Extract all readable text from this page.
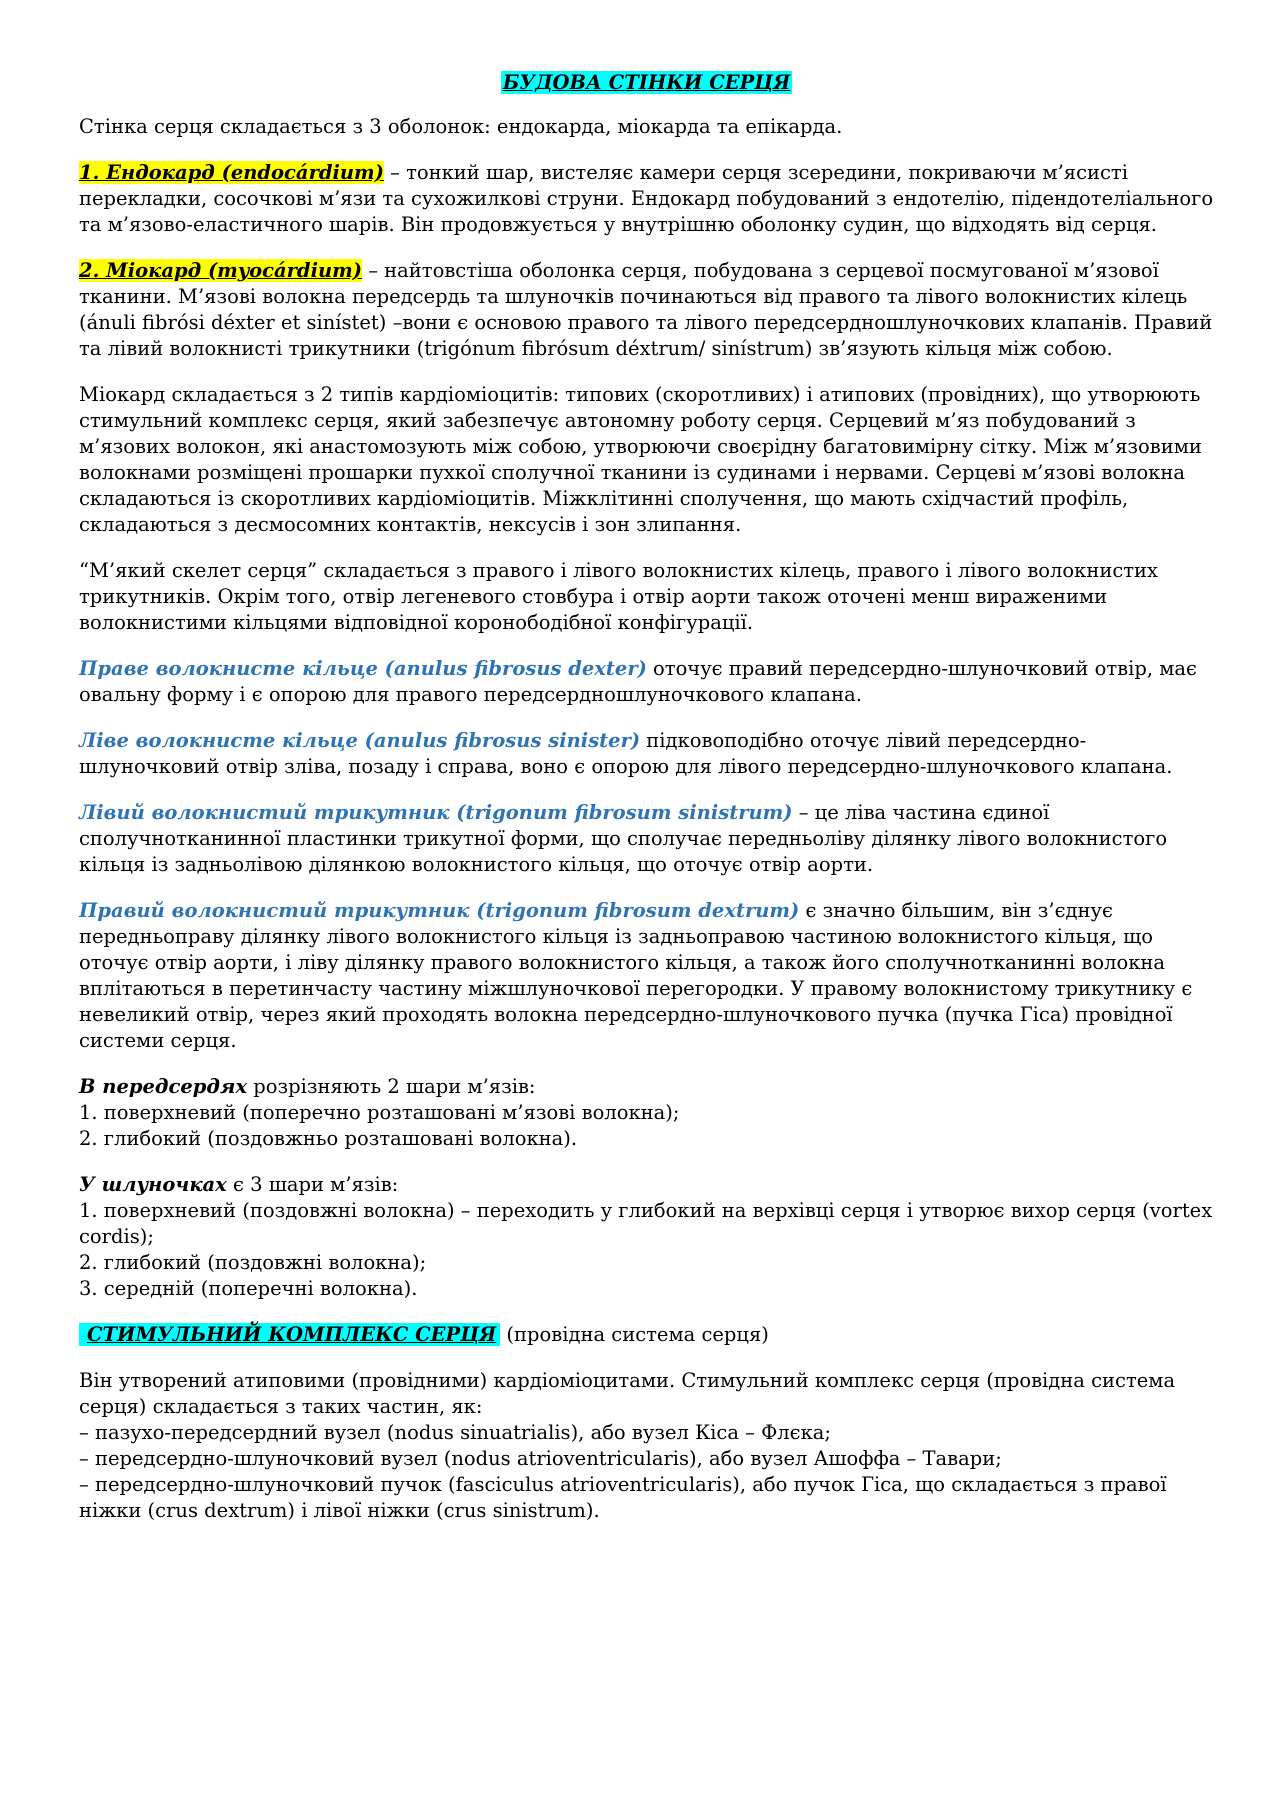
БУДОВА СТІНКИ СЕРЦЯ

Стінка серця складається з 3 оболонок: ендокарда, міокарда та епікарда.

1. Ендокард (endocárdium) – тонкий шар, вистеляє камери серця зсередини, покриваючи м’ясисті перекладки, сосочкові м’язи та сухожилкові струни. Ендокард побудований з ендотелію, підендотеліального та м’язово-еластичного шарів. Він продовжується у внутрішню оболонку судин, що відходять від серця.

2. Міокард (myocárdium) – найтовстіша оболонка серця, побудована з серцевої посмугованої м’язової тканини. М’язові волокна передсердь та шлуночків починаються від правого та лівого волокнистих кілець (ánuli fibrósi déxter et sinístet) –вони є основою правого та лівого передсердношлуночкових клапанів. Правий та лівий волокнисті трикутники (trigónum fibrósum déxtrum/ sinístrum) зв’язують кільця між собою.

Міокард складається з 2 типів кардіоміоцитів: типових (скоротливих) і атипових (провідних), що утворюють стимульний комплекс серця, який забезпечує автономну роботу серця. Серцевий м’яз побудований з м’язових волокон, які анастомозують між собою, утворюючи своєрідну багатовимірну сітку. Між м’язовими волокнами розміщені прошарки пухкої сполучної тканини із судинами і нервами. Серцеві м’язові волокна складаються із скоротливих кардіоміоцитів. Міжклітинні сполучення, що мають східчастий профіль, складаються з десмосомних контактів, нексусів і зон злипання.

“М’який скелет серця” складається з правого і лівого волокнистих кілець, правого і лівого волокнистих трикутників. Окрім того, отвір легеневого стовбура і отвір аорти також оточені менш вираженими волокнистими кільцями відповідної коронободібної конфігурації.

Праве волокнисте кільце (anulus fibrosus dexter) оточує правий передсердно-шлуночковий отвір, має овальну форму і є опорою для правого передсердношлуночкового клапана.

Ліве волокнисте кільце (anulus fibrosus sinister) підковоподібно оточує лівий передсердно-шлуночковий отвір зліва, позаду і справа, воно є опорою для лівого передсердно-шлуночкового клапана.

Лівий волокнистий трикутник (trigonum fibrosum sinistrum) – це ліва частина єдиної сполучнотканинної пластинки трикутної форми, що сполучає передньоліву ділянку лівого волокнистого кільця із задньолівою ділянкою волокнистого кільця, що оточує отвір аорти.

Правий волокнистий трикутник (trigonum fibrosum dextrum) є значно більшим, він з’єднує передньоправу ділянку лівого волокнистого кільця із задньоправою частиною волокнистого кільця, що оточує отвір аорти, і ліву ділянку правого волокнистого кільця, а також його сполучнотканинні волокна вплітаються в перетинчасту частину міжшлуночкової перегородки. У правому волокнистому трикутнику є невеликий отвір, через який проходять волокна передсердно-шлуночкового пучка (пучка Гіса) провідної системи серця.

В передсердях розрізняють 2 шари м’язів:
1. поверхневий (поперечно розташовані м’язові волокна);
2. глибокий (поздовжньо розташовані волокна).
У шлуночках є 3 шари м’язів:
1. поверхневий (поздовжні волокна) – переходить у глибокий на верхівці серця і утворює вихор серця (vortex cordis);
2. глибокий (поздовжні волокна);
3. середній (поперечні волокна).
СТИМУЛЬНИЙ КОМПЛЕКС СЕРЦЯ (провідна система серця)
Він утворений атиповими (провідними) кардіоміоцитами. Стимульний комплекс серця (провідна система серця) складається з таких частин, як:
– пазухо-передсердний вузел (nodus sinuatrialis), або вузел Кіса – Флєка;
– передсердно-шлуночковий вузел (nodus atrioventricularis), або вузел Ашоффа – Тавари;
– передсердно-шлуночковий пучок (fasciculus atrioventricularis), або пучок Гіса, що складається з правої ніжки (crus dextrum) і лівої ніжки (crus sinistrum).
